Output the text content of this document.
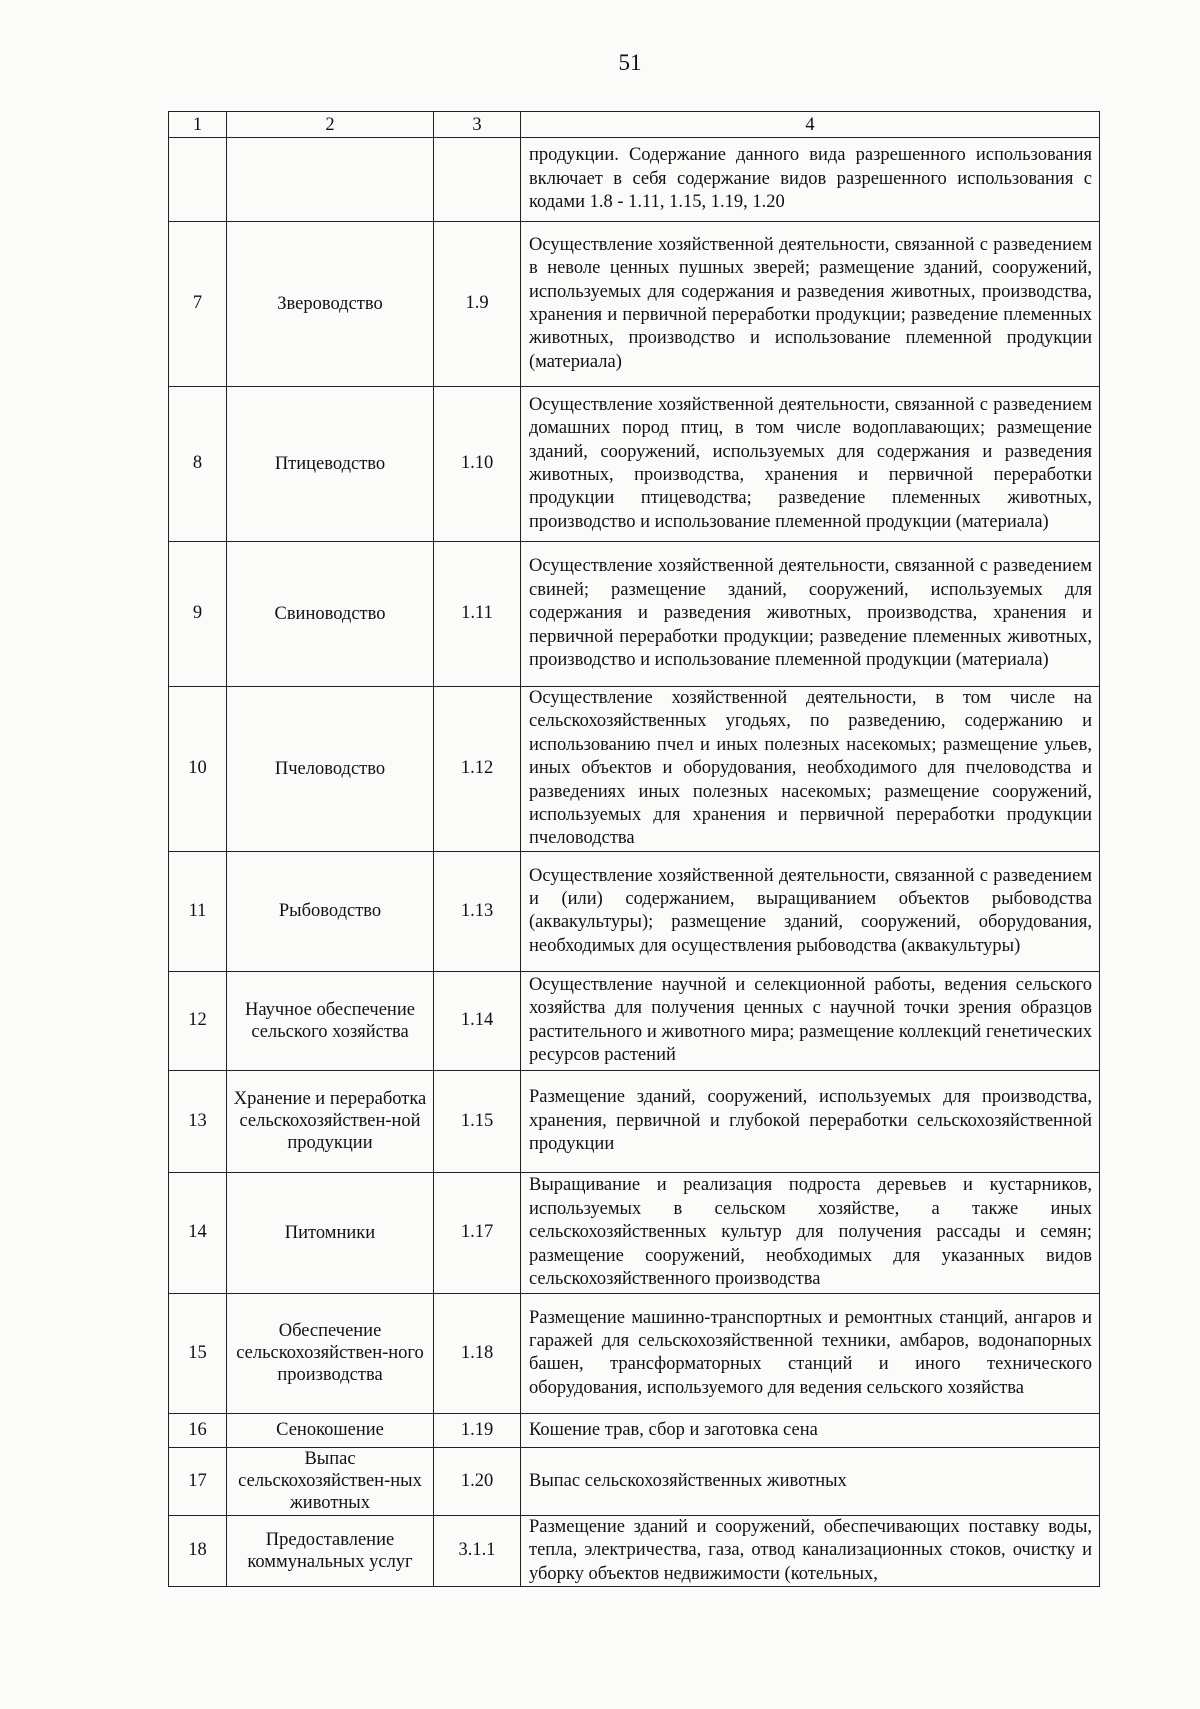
51
1	2	3	4
			продукции. Содержание данного вида разрешенного использования включает в себя содержание видов разрешенного использования с кодами 1.8 - 1.11, 1.15, 1.19, 1.20
7	Звероводство	1.9	Осуществление хозяйственной деятельности, связанной с разведением в неволе ценных пушных зверей; размещение зданий, сооружений, используемых для содержания и разведения животных, производства, хранения и первичной переработки продукции; разведение племенных животных, производство и использование племенной продукции (материала)
8	Птицеводство	1.10	Осуществление хозяйственной деятельности, связанной с разведением домашних пород птиц, в том числе водоплавающих; размещение зданий, сооружений, используемых для содержания и разведения животных, производства, хранения и первичной переработки продукции птицеводства; разведение племенных животных, производство и использование племенной продукции (материала)
9	Свиноводство	1.11	Осуществление хозяйственной деятельности, связанной с разведением свиней; размещение зданий, сооружений, используемых для содержания и разведения животных, производства, хранения и первичной переработки продукции; разведение племенных животных, производство и использование племенной продукции (материала)
10	Пчеловодство	1.12	Осуществление хозяйственной деятельности, в том числе на сельскохозяйственных угодьях, по разведению, содержанию и использованию пчел и иных полезных насекомых; размещение ульев, иных объектов и оборудования, необходимого для пчеловодства и разведениях иных полезных насекомых; размещение сооружений, используемых для хранения и первичной переработки продукции пчеловодства
11	Рыбоводство	1.13	Осуществление хозяйственной деятельности, связанной с разведением и (или) содержанием, выращиванием объектов рыбоводства (аквакультуры); размещение зданий, сооружений, оборудования, необходимых для осуществления рыбоводства (аквакультуры)
12	Научное обеспечение сельского хозяйства	1.14	Осуществление научной и селекционной работы, ведения сельского хозяйства для получения ценных с научной точки зрения образцов растительного и животного мира; размещение коллекций генетических ресурсов растений
13	Хранение и переработка сельскохозяйствен-ной продукции	1.15	Размещение зданий, сооружений, используемых для производства, хранения, первичной и глубокой переработки сельскохозяйственной продукции
14	Питомники	1.17	Выращивание и реализация подроста деревьев и кустарников, используемых в сельском хозяйстве, а также иных сельскохозяйственных культур для получения рассады и семян; размещение сооружений, необходимых для указанных видов сельскохозяйственного производства
15	Обеспечение сельскохозяйствен-ного производства	1.18	Размещение машинно-транспортных и ремонтных станций, ангаров и гаражей для сельскохозяйственной техники, амбаров, водонапорных башен, трансформаторных станций и иного технического оборудования, используемого для ведения сельского хозяйства
16	Сенокошение	1.19	Кошение трав, сбор и заготовка сена
17	Выпас сельскохозяйствен-ных животных	1.20	Выпас сельскохозяйственных животных
18	Предоставление коммунальных услуг	3.1.1	Размещение зданий и сооружений, обеспечивающих поставку воды, тепла, электричества, газа, отвод канализационных стоков, очистку и уборку объектов недвижимости (котельных,
